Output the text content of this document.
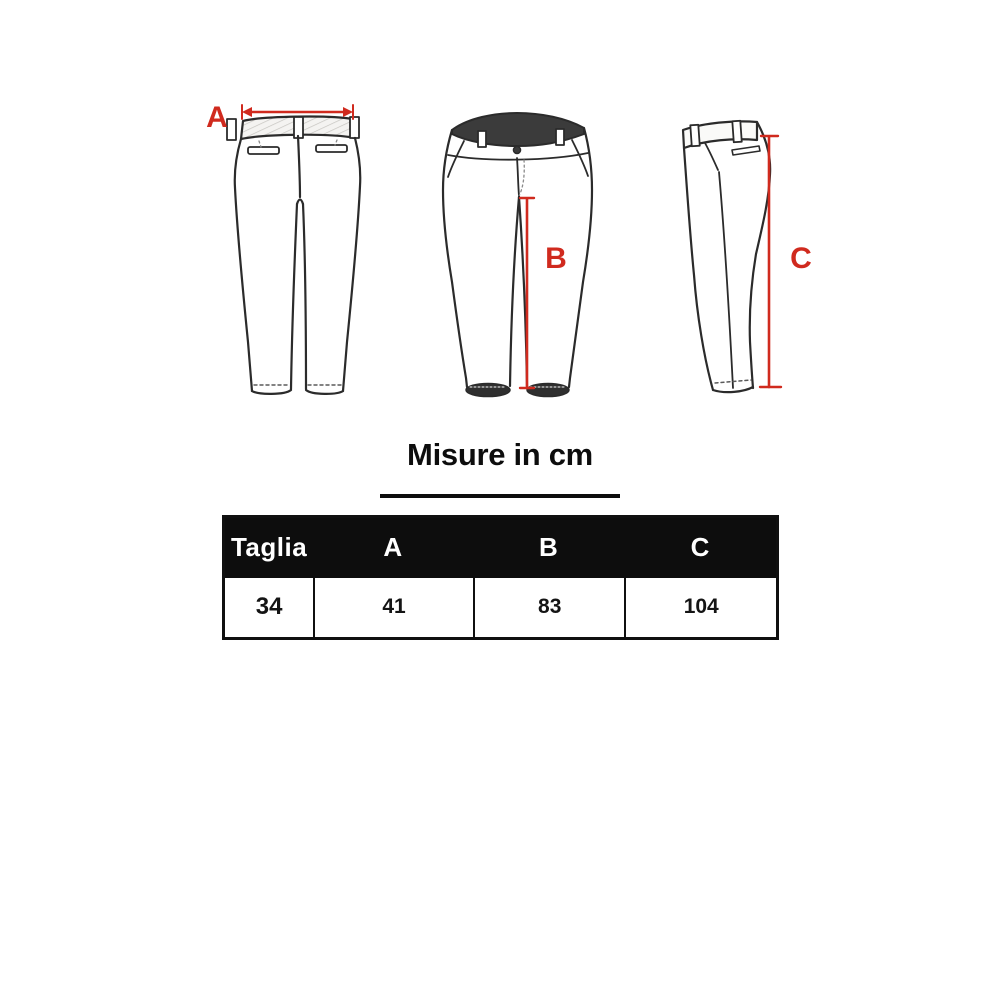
A
B	C
Misure in cm
Taglia	A	B	C
34	41	83	104
